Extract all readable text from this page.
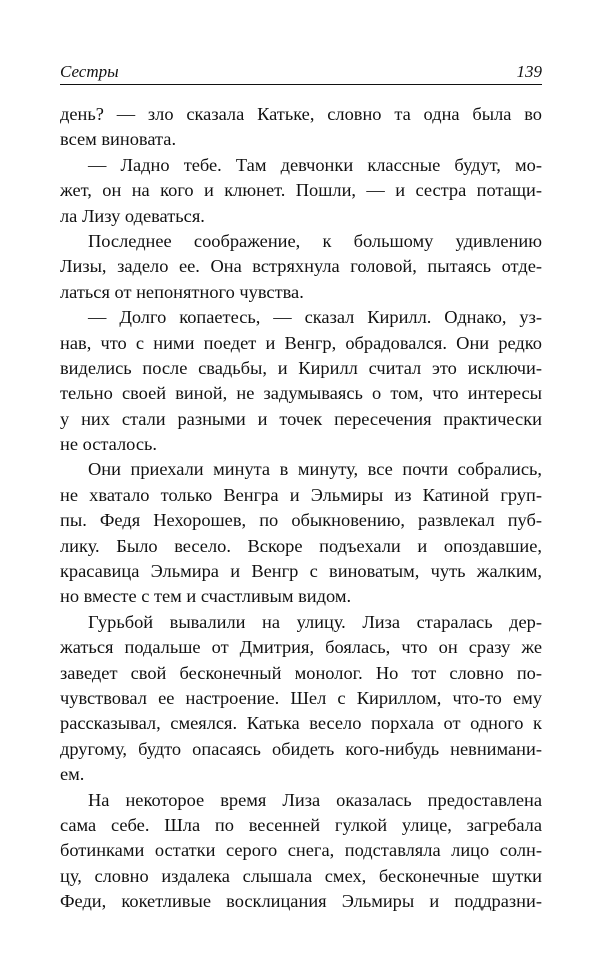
Сестры	139
день? — зло сказала Катьке, словно та одна была во
всем виновата.
— Ладно тебе. Там девчонки классные будут, мо-
жет, он на кого и клюнет. Пошли, — и сестра потащи-
ла Лизу одеваться.
Последнее соображение, к большому удивлению
Лизы, задело ее. Она встряхнула головой, пытаясь отде-
латься от непонятного чувства.
— Долго копаетесь, — сказал Кирилл. Однако, уз-
нав, что с ними поедет и Венгр, обрадовался. Они редко
виделись после свадьбы, и Кирилл считал это исключи-
тельно своей виной, не задумываясь о том, что интересы
у них стали разными и точек пересечения практически
не осталось.
Они приехали минута в минуту, все почти собрались,
не хватало только Венгра и Эльмиры из Катиной груп-
пы. Федя Нехорошев, по обыкновению, развлекал пуб-
лику. Было весело. Вскоре подъехали и опоздавшие,
красавица Эльмира и Венгр с виноватым, чуть жалким,
но вместе с тем и счастливым видом.
Гурьбой вывалили на улицу. Лиза старалась дер-
жаться подальше от Дмитрия, боялась, что он сразу же
заведет свой бесконечный монолог. Но тот словно по-
чувствовал ее настроение. Шел с Кириллом, что-то ему
рассказывал, смеялся. Катька весело порхала от одного к
другому, будто опасаясь обидеть кого-нибудь невнимани-
ем.
На некоторое время Лиза оказалась предоставлена
сама себе. Шла по весенней гулкой улице, загребала
ботинками остатки серого снега, подставляла лицо солн-
цу, словно издалека слышала смех, бесконечные шутки
Феди, кокетливые восклицания Эльмиры и поддразни-
